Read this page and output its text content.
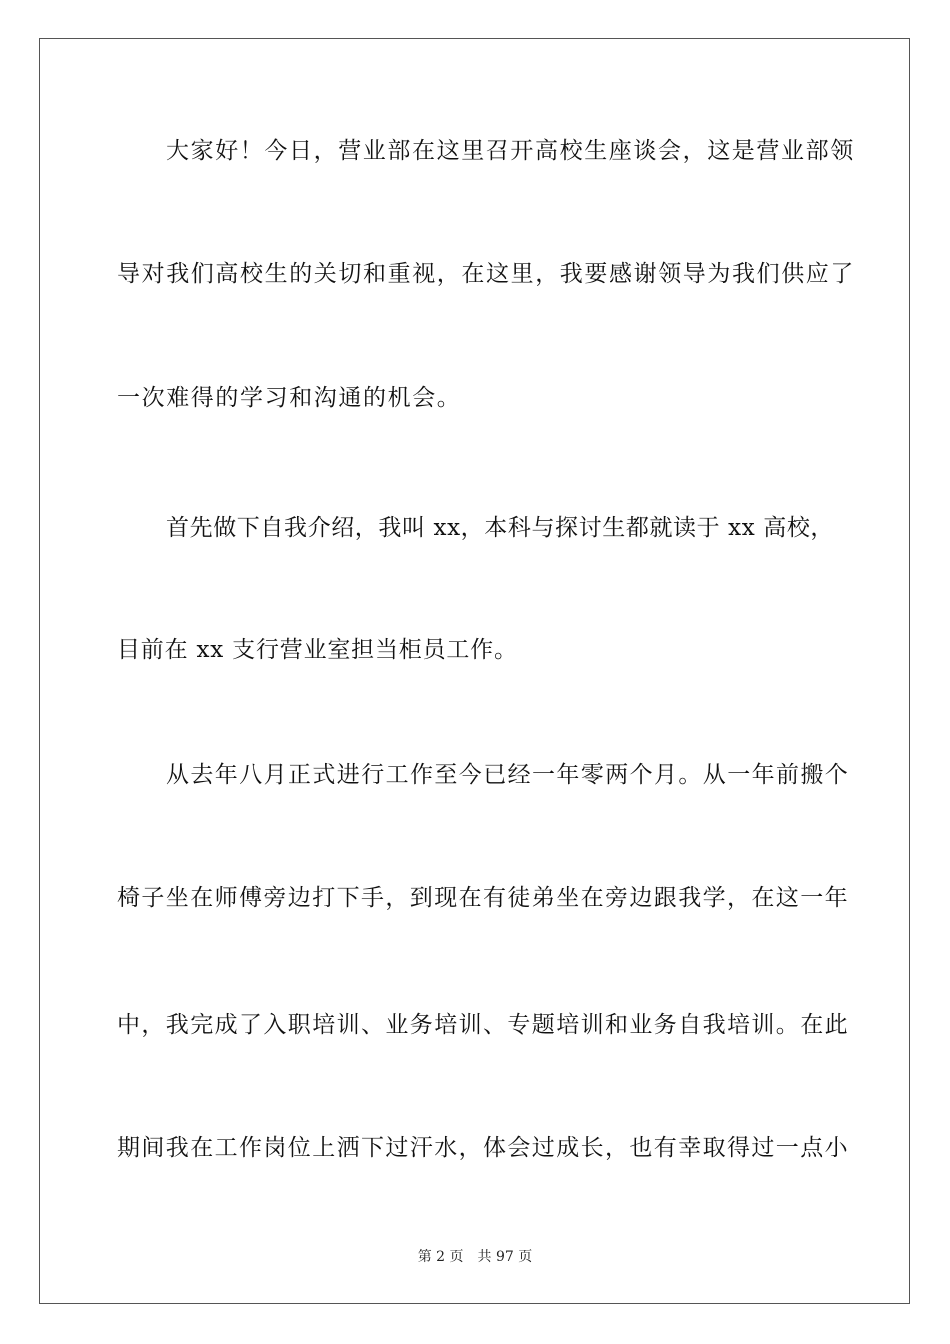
大家好！今日，营业部在这里召开高校生座谈会，这是营业部领
导对我们高校生的关切和重视，在这里，我要感谢领导为我们供应了
一次难得的学习和沟通的机会。
首先做下自我介绍，我叫 xx，本科与探讨生都就读于 xx 高校，
目前在 xx 支行营业室担当柜员工作。
从去年八月正式进行工作至今已经一年零两个月。从一年前搬个
椅子坐在师傅旁边打下手，到现在有徒弟坐在旁边跟我学，在这一年
中，我完成了入职培训、业务培训、专题培训和业务自我培训。在此
期间我在工作岗位上洒下过汗水，体会过成长，也有幸取得过一点小
第 2 页 共 97 页
